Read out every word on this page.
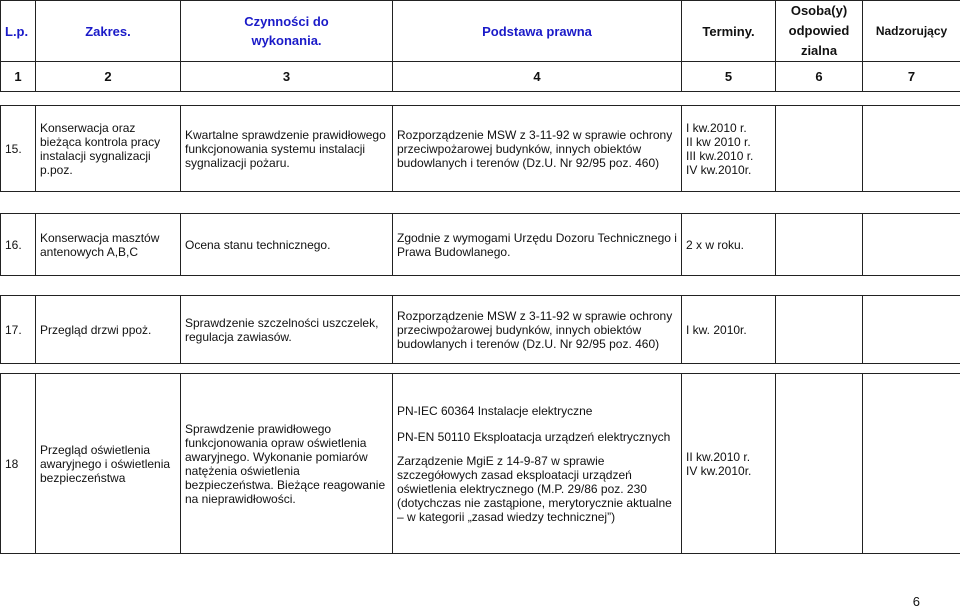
L.p.	Zakres.	Czynności do
wykonania.	Podstawa prawna	Terminy.	Osoba(y)
odpowied
zialna	Nadzorujący
1	2	3	4	5	6	7

15.	Konserwacja oraz bieżąca kontrola pracy instalacji sygnalizacji p.poz.	Kwartalne sprawdzenie prawidłowego funkcjonowania systemu instalacji sygnalizacji pożaru.	Rozporządzenie MSW z 3-11-92 w sprawie ochrony przeciwpożarowej budynków, innych obiektów budowlanych i terenów (Dz.U. Nr 92/95 poz. 460)	I kw.2010 r.
II kw 2010 r.
III kw.2010 r.
IV kw.2010r.		

16.	Konserwacja masztów antenowych A,B,C	Ocena stanu technicznego.	Zgodnie z wymogami Urzędu Dozoru Technicznego i Prawa Budowlanego.	2 x w roku.		

17.	Przegląd drzwi ppoż.	Sprawdzenie szczelności uszczelek, regulacja zawiasów.	Rozporządzenie MSW z 3-11-92 w sprawie ochrony przeciwpożarowej budynków, innych obiektów budowlanych i terenów (Dz.U. Nr 92/95 poz. 460)	I kw. 2010r.		

18	Przegląd oświetlenia awaryjnego i oświetlenia bezpieczeństwa	Sprawdzenie prawidłowego funkcjonowania opraw oświetlenia awaryjnego. Wykonanie pomiarów natężenia oświetlenia bezpieczeństwa. Bieżące reagowanie na nieprawidłowości.	PN-IEC 60364 Instalacje elektryczne
PN-EN 50110 Eksploatacja urządzeń elektrycznych
Zarządzenie MgiE z 14-9-87 w sprawie szczegółowych zasad eksploatacji urządzeń oświetlenia elektrycznego (M.P. 29/86 poz. 230 (dotychczas nie zastąpione, merytorycznie aktualne – w kategorii „zasad wiedzy technicznej”)	II kw.2010 r.
IV kw.2010r.		
6
